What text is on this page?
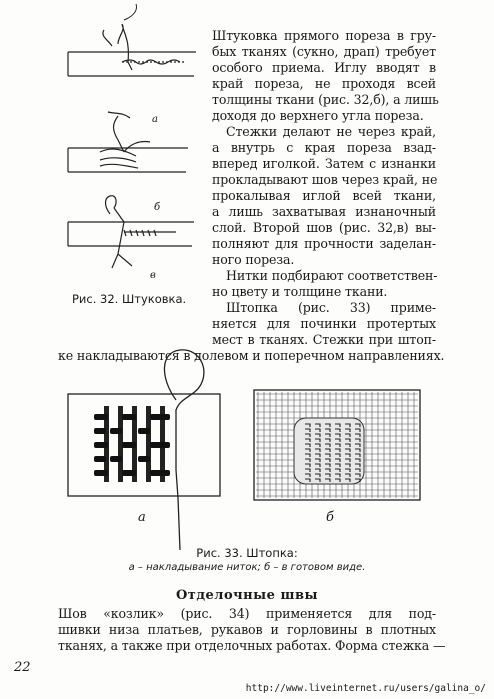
а
б
в
Рис. 32. Штуковка.
Штуковка прямого пореза в гру-
бых тканях (сукно, драп) требует
особого приема. Иглу вводят в
край пореза, не проходя всей
толщины ткани (рис. 32,б), а лишь
доходя до верхнего угла пореза.
Стежки делают не через край,
а внутрь с края пореза взад-
вперед иголкой. Затем с изнанки
прокладывают шов через край, не
прокалывая иглой всей ткани,
а лишь захватывая изнаночный
слой. Второй шов (рис. 32,в) вы-
полняют для прочности заделан-
ного пореза.
Нитки подбирают соответствен-
но цвету и толщине ткани.
Штопка (рис. 33) приме-
няется для починки протертых
мест в тканях. Стежки при штоп-
ке накладываются в долевом и поперечном направлениях.
а	б
Рис. 33. Штопка:
а – накладывание ниток; б – в готовом виде.
Отделочные швы
Шов «козлик» (рис. 34) применяется для под-
шивки низа платьев, рукавов и горловины в плотных
тканях, а также при отделочных работах. Форма стежка —
22
http://www.liveinternet.ru/users/galina_o/
